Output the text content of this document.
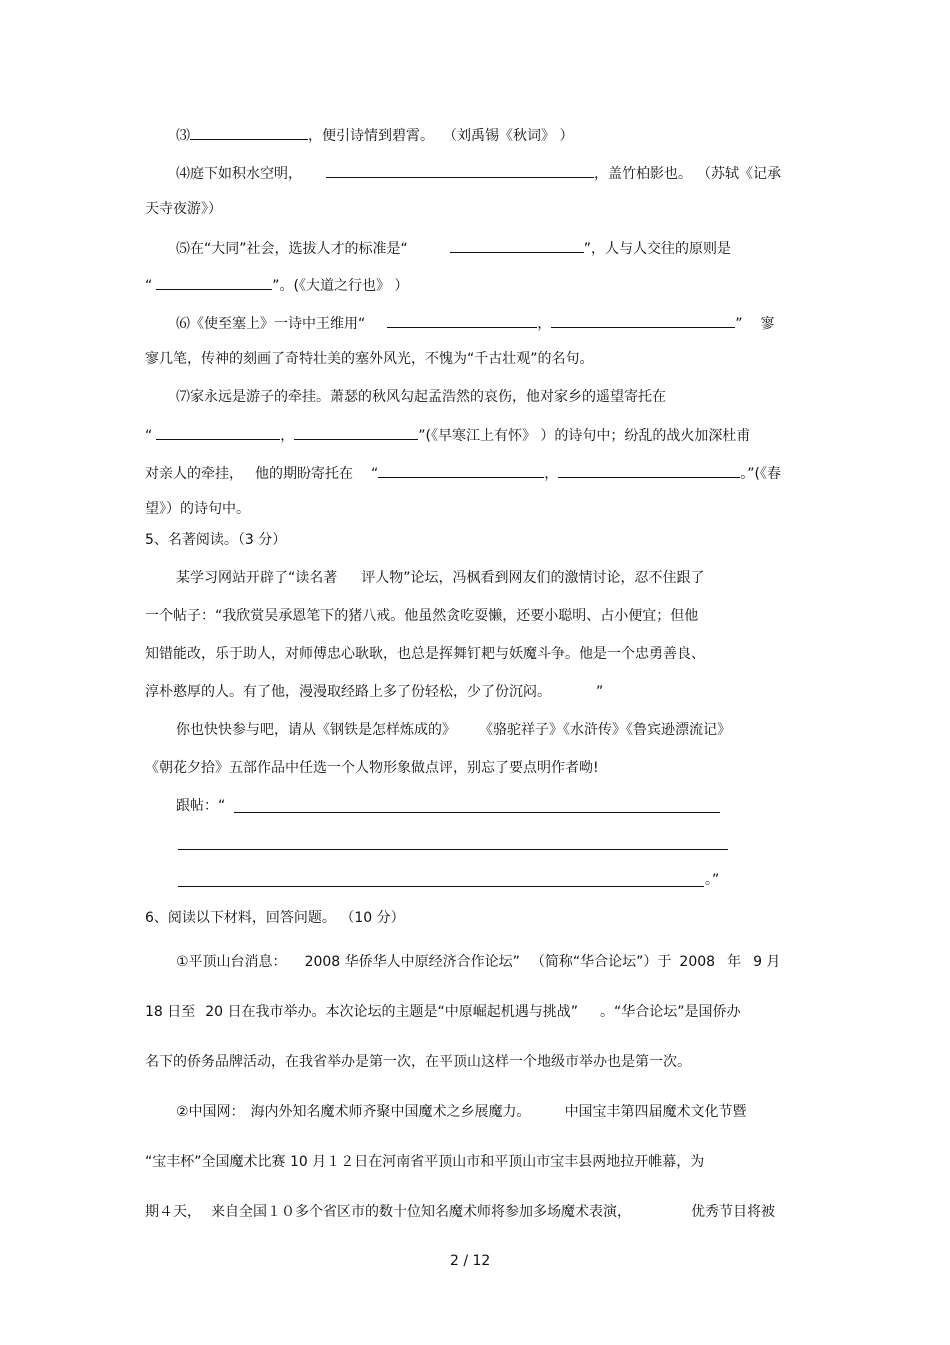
⑶	，便引诗情到碧霄。 （刘禹锡《秋词》 ）
⑷庭下如积水空明，	，盖竹柏影也。 （苏轼《记承
天寺夜游》）
⑸在“大同”社会，选拔人才的标准是“	”，人与人交往的原则是
“	”。(《大道之行也》 ）
⑹《使至塞上》一诗中王维用“	，	” 寥
寥几笔，传神的刻画了奇特壮美的塞外风光，不愧为“千古壮观”的名句。
⑺家永远是游子的牵挂。萧瑟的秋风勾起孟浩然的哀伤，他对家乡的遥望寄托在
“	，	”(《早寒江上有怀》 ）的诗句中；纷乱的战火加深杜甫
对亲人的牵挂， 他的期盼寄托在 “	，	。”(《春
望》）的诗句中。
5、名著阅读。（3 分）
某学习网站开辟了“读名著 评人物”论坛，冯枫看到网友们的激情讨论，忍不住跟了
一个帖子：“我欣赏吴承恩笔下的猪八戒。他虽然贪吃耍懒，还要小聪明、占小便宜；但他
知错能改，乐于助人，对师傅忠心耿耿，也总是挥舞钉耙与妖魔斗争。他是一个忠勇善良、
淳朴憨厚的人。有了他，漫漫取经路上多了份轻松，少了份沉闷。	”
你也快快参与吧，请从《钢铁是怎样炼成的》 《骆驼祥子》《水浒传》《鲁宾逊漂流记》
《朝花夕拾》五部作品中任选一个人物形象做点评，别忘了要点明作者呦!
跟帖：“
。”
6、阅读以下材料，回答问题。 （10 分）
①平顶山台消息： 2008 华侨华人中原经济合作论坛” （简称“华合论坛”）于 2008 年 9 月
18 日至 20 日在我市举办。本次论坛的主题是“中原崛起机遇与挑战” 。“华合论坛”是国侨办
名下的侨务品牌活动，在我省举办是第一次，在平顶山这样一个地级市举办也是第一次。
②中国网： 海内外知名魔术师齐聚中国魔术之乡展魔力。 中国宝丰第四届魔术文化节暨
“宝丰杯”全国魔术比赛 10 月１２日在河南省平顶山市和平顶山市宝丰县两地拉开帷幕，为
期４天， 来自全国１０多个省区市的数十位知名魔术师将参加多场魔术表演，	优秀节目将被
2 / 12
